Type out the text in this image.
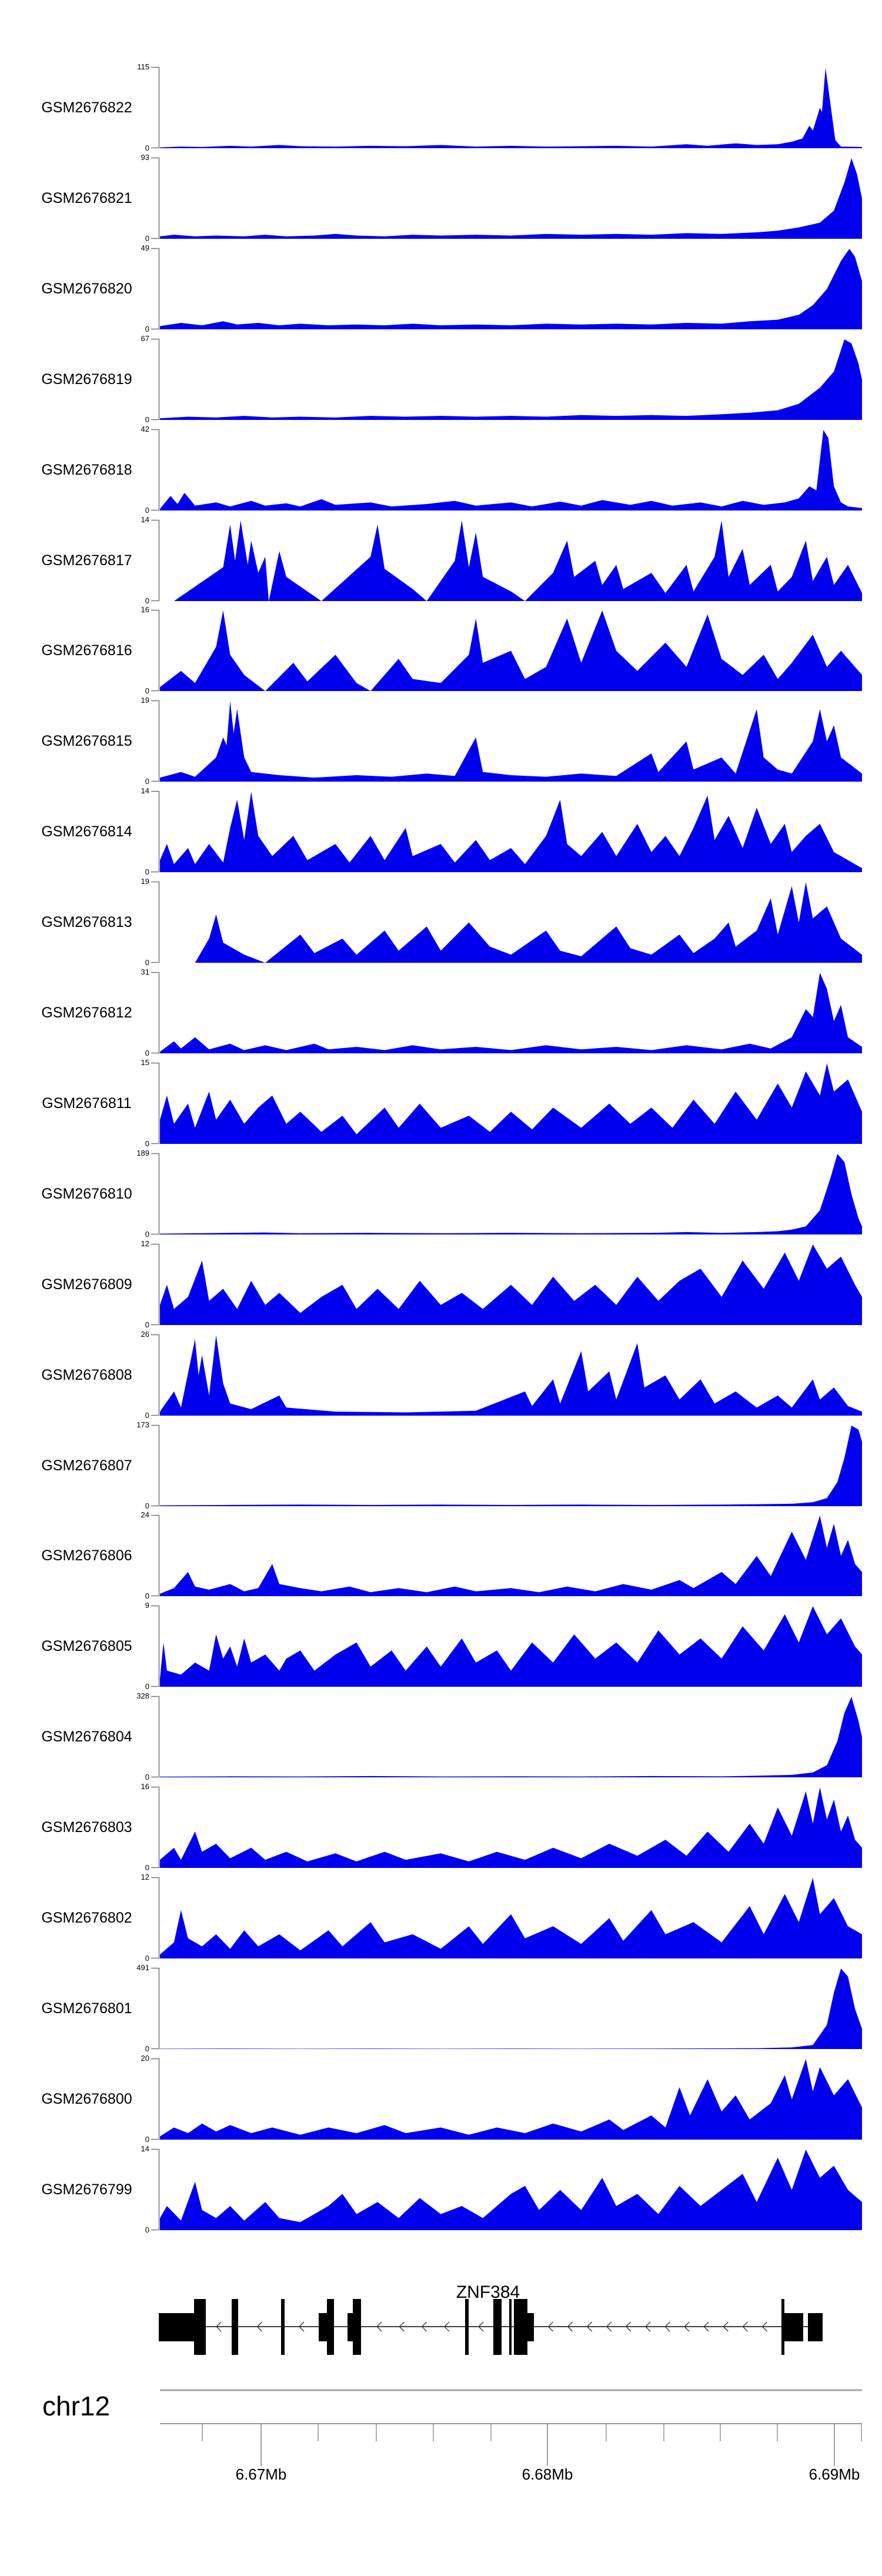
GSM2676822
115
0
GSM2676821
93
0
GSM2676820
49
0
GSM2676819
67
0
GSM2676818
42
0
GSM2676817
14
0
GSM2676816
16
0
GSM2676815
19
0
GSM2676814
14
0
GSM2676813
19
0
GSM2676812
31
0
GSM2676811
15
0
GSM2676810
189
0
GSM2676809
12
0
GSM2676808
26
0
GSM2676807
173
0
GSM2676806
24
0
GSM2676805
9
0
GSM2676804
328
0
GSM2676803
16
0
GSM2676802
12
0
GSM2676801
491
0
GSM2676800
20
0
GSM2676799
14
0
6.67Mb	6.68Mb	6.69Mb
ZNF384
chr12
